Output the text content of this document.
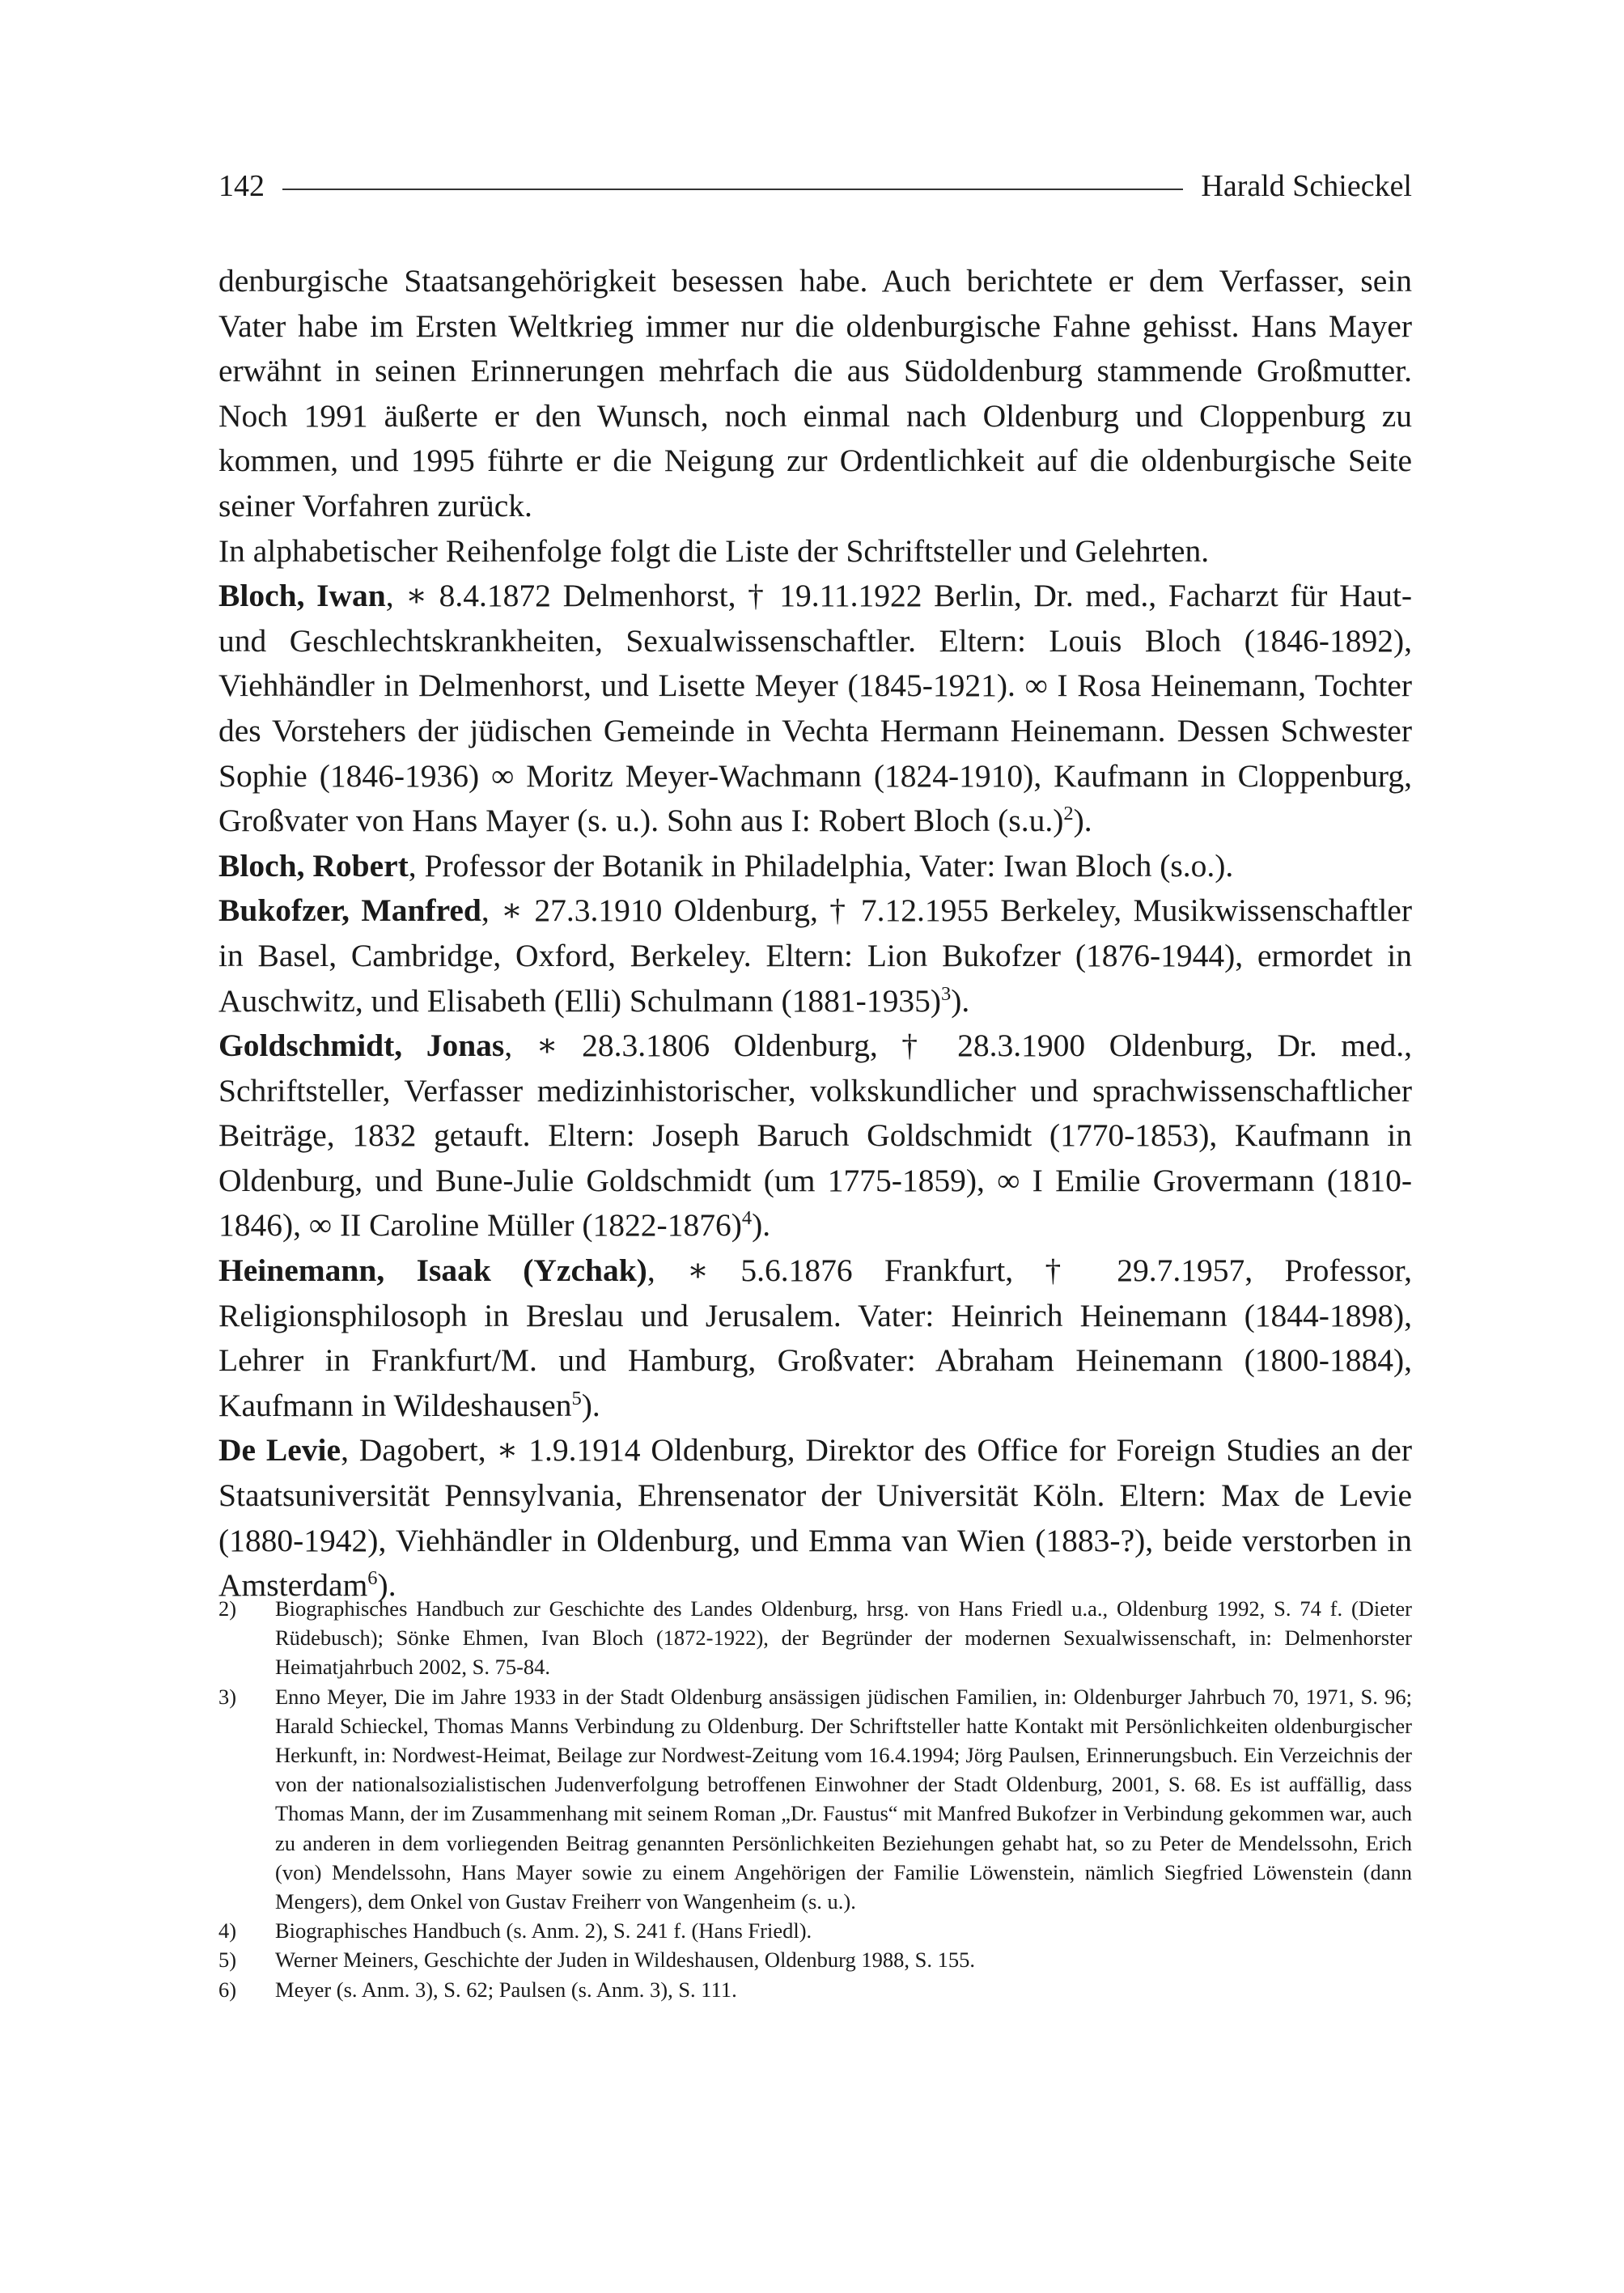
142	Harald Schieckel

denburgische Staatsangehörigkeit besessen habe. Auch berichtete er dem Verfasser, sein Vater habe im Ersten Weltkrieg immer nur die oldenburgische Fahne gehisst. Hans Mayer erwähnt in seinen Erinnerungen mehrfach die aus Südoldenburg stammende Großmutter. Noch 1991 äußerte er den Wunsch, noch einmal nach Oldenburg und Cloppenburg zu kommen, und 1995 führte er die Neigung zur Ordentlichkeit auf die oldenburgische Seite seiner Vorfahren zurück.

In alphabetischer Reihenfolge folgt die Liste der Schriftsteller und Gelehrten.

Bloch, Iwan, ∗ 8.4.1872 Delmenhorst, † 19.11.1922 Berlin, Dr. med., Facharzt für Haut- und Geschlechtskrankheiten, Sexualwissenschaftler. Eltern: Louis Bloch (1846-1892), Viehhändler in Delmenhorst, und Lisette Meyer (1845-1921). ∞ I Rosa Heinemann, Tochter des Vorstehers der jüdischen Gemeinde in Vechta Hermann Heinemann. Dessen Schwester Sophie (1846-1936) ∞ Moritz Meyer-Wachmann (1824-1910), Kaufmann in Cloppenburg, Großvater von Hans Mayer (s. u.). Sohn aus I: Robert Bloch $(s.u.)^2$).

Bloch, Robert, Professor der Botanik in Philadelphia, Vater: Iwan Bloch (s.o.).

Bukofzer, Manfred, ∗ 27.3.1910 Oldenburg, † 7.12.1955 Berkeley, Musikwissenschaftler in Basel, Cambridge, Oxford, Berkeley. Eltern: Lion Bukofzer (1876-1944), ermordet in Auschwitz, und Elisabeth (Elli) Schulmann (1881-1935)$^3$).

Goldschmidt, Jonas, ∗ 28.3.1806 Oldenburg, † 28.3.1900 Oldenburg, Dr. med., Schriftsteller, Verfasser medizinhistorischer, volkskundlicher und sprachwissenschaftlicher Beiträge, 1832 getauft. Eltern: Joseph Baruch Goldschmidt (1770-1853), Kaufmann in Oldenburg, und Bune-Julie Goldschmidt (um 1775-1859), ∞ I Emilie Grovermann (1810-1846), ∞ II Caroline Müller (1822-1876)$^4$).

Heinemann, Isaak (Yzchak), ∗ 5.6.1876 Frankfurt, † 29.7.1957, Professor, Religionsphilosoph in Breslau und Jerusalem. Vater: Heinrich Heinemann (1844-1898), Lehrer in Frankfurt/M. und Hamburg, Großvater: Abraham Heinemann (1800-1884), Kaufmann in Wildeshausen$^5$).

De Levie, Dagobert, ∗ 1.9.1914 Oldenburg, Direktor des Office for Foreign Studies an der Staatsuniversität Pennsylvania, Ehrensenator der Universität Köln. Eltern: Max de Levie (1880-1942), Viehhändler in Oldenburg, und Emma van Wien (1883-?), beide verstorben in Amsterdam$^6$).

2)	Biographisches Handbuch zur Geschichte des Landes Oldenburg, hrsg. von Hans Friedl u.a., Oldenburg 1992, S. 74 f. (Dieter Rüdebusch); Sönke Ehmen, Ivan Bloch (1872-1922), der Begründer der modernen Sexualwissenschaft, in: Delmenhorster Heimatjahrbuch 2002, S. 75-84.
3)	Enno Meyer, Die im Jahre 1933 in der Stadt Oldenburg ansässigen jüdischen Familien, in: Oldenburger Jahrbuch 70, 1971, S. 96; Harald Schieckel, Thomas Manns Verbindung zu Oldenburg. Der Schriftsteller hatte Kontakt mit Persönlichkeiten oldenburgischer Herkunft, in: Nordwest-Heimat, Beilage zur Nordwest-Zeitung vom 16.4.1994; Jörg Paulsen, Erinnerungsbuch. Ein Verzeichnis der von der nationalsozialistischen Judenverfolgung betroffenen Einwohner der Stadt Oldenburg, 2001, S. 68. Es ist auffällig, dass Thomas Mann, der im Zusammenhang mit seinem Roman „Dr. Faustus“ mit Manfred Bukofzer in Verbindung gekommen war, auch zu anderen in dem vorliegenden Beitrag genannten Persönlichkeiten Beziehungen gehabt hat, so zu Peter de Mendelssohn, Erich (von) Mendelssohn, Hans Mayer sowie zu einem Angehörigen der Familie Löwenstein, nämlich Siegfried Löwenstein (dann Mengers), dem Onkel von Gustav Freiherr von Wangenheim (s. u.).
4)	Biographisches Handbuch (s. Anm. 2), S. 241 f. (Hans Friedl).
5)	Werner Meiners, Geschichte der Juden in Wildeshausen, Oldenburg 1988, S. 155.
6)	Meyer (s. Anm. 3), S. 62; Paulsen (s. Anm. 3), S. 111.
